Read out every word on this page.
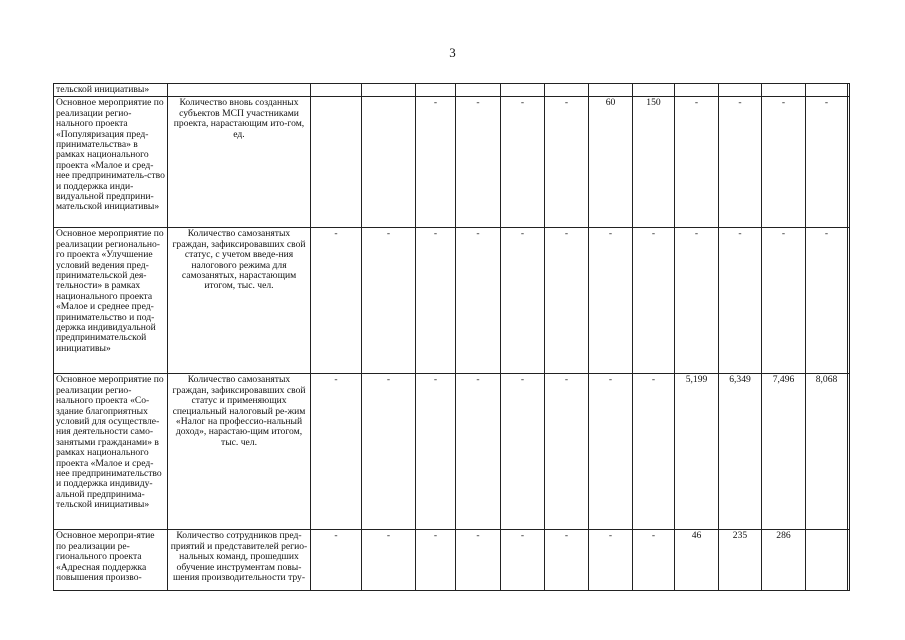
3
тельской инициативы»														
Основное мероприятие по реализации регио-нального проекта «Популяризация пред-принимательства» в рамках национального проекта «Малое и сред-нее предприниматель-ство и поддержка инди-видуальной предприни-мательской инициативы»	Количество вновь созданных субъектов МСП участниками проекта, нарастающим ито-гом, ед.			-	-	-	-	60	150	-	-	-	-	
Основное мероприятие по реализации регионально-го проекта «Улучшение условий ведения пред-принимательской дея-тельности» в рамках национального проекта «Малое и среднее пред-принимательство и под-держка индивидуальной предпринимательской инициативы»	Количество самозанятых граждан, зафиксировавших свой статус, с учетом введе-ния налогового режима для самозанятых, нарастающим итогом, тыс. чел.	-	-	-	-	-	-	-	-	-	-	-	-	
Основное мероприятие по реализации регио-нального проекта «Со-здание благоприятных условий для осуществле-ния деятельности само-занятыми гражданами» в рамках национального проекта «Малое и сред-нее предпринимательство и поддержка индивиду-альной предпринима-тельской инициативы»	Количество самозанятых граждан, зафиксировавших свой статус и применяющих специальный налоговый ре-жим «Налог на профессио-нальный доход», нарастаю-щим итогом, тыс. чел.	-	-	-	-	-	-	-	-	5,199	6,349	7,496	8,068	
Основное меропри-ятие по реализации ре-гионального проекта «Адресная поддержка повышения произво-	Количество сотрудников пред-приятий и представителей регио-нальных команд, прошедших обучение инструментам повы-шения производительности тру-	-	-	-	-	-	-	-	-	46	235	286		
